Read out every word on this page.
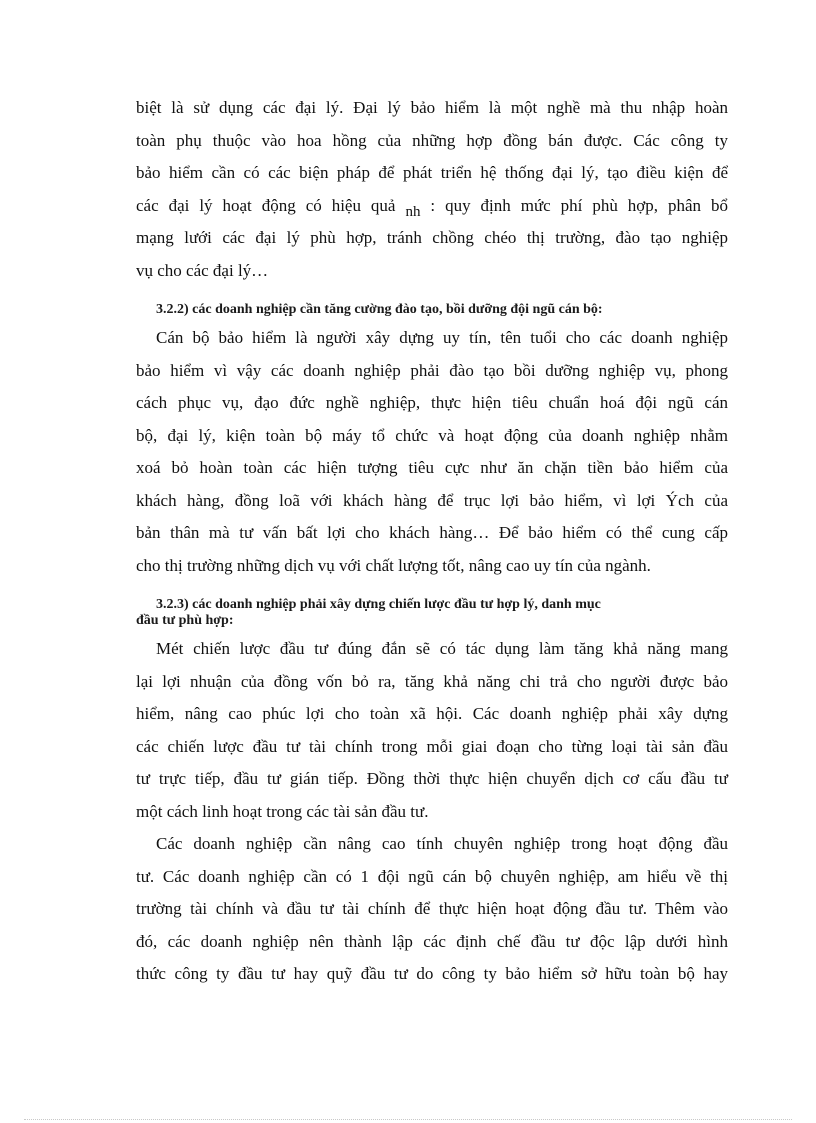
biệt là sử dụng các đại lý. Đại lý bảo hiểm là một nghề mà thu nhập hoàn
toàn phụ thuộc vào hoa hồng của những hợp đồng bán được. Các công ty
bảo hiểm cần có các biện pháp để phát triển hệ thống đại lý, tạo điều kiện để
các đại lý hoạt động có hiệu quả nh : quy định mức phí phù hợp, phân bổ
mạng lưới các đại lý phù hợp, tránh chồng chéo thị trường, đào tạo nghiệp
vụ cho các đại lý…
3.2.2) các doanh nghiệp cần tăng cường đào tạo, bồi dưỡng đội ngũ cán bộ:
Cán bộ bảo hiểm là người xây dựng uy tín, tên tuổi cho các doanh nghiệp
bảo hiểm vì vậy các doanh nghiệp phải đào tạo bồi dưỡng nghiệp vụ, phong
cách phục vụ, đạo đức nghề nghiệp, thực hiện tiêu chuẩn hoá đội ngũ cán
bộ, đại lý, kiện toàn bộ máy tổ chức và hoạt động của doanh nghiệp nhằm
xoá bỏ hoàn toàn các hiện tượng tiêu cực như ăn chặn tiền bảo hiểm của
khách hàng, đồng loã với khách hàng để trục lợi bảo hiểm, vì lợi Ých của
bản thân mà tư vấn bất lợi cho khách hàng… Để bảo hiểm có thể cung cấp
cho thị trường những dịch vụ với chất lượng tốt, nâng cao uy tín của ngành.
3.2.3) các doanh nghiệp phải xây dựng chiến lược đầu tư hợp lý, danh mục
đầu tư phù hợp:
Mét chiến lược đầu tư đúng đắn sẽ có tác dụng làm tăng khả năng mang
lại lợi nhuận của đồng vốn bỏ ra, tăng khả năng chi trả cho người được bảo
hiểm, nâng cao phúc lợi cho toàn xã hội. Các doanh nghiệp phải xây dựng
các chiến lược đầu tư tài chính trong mỗi giai đoạn cho từng loại tài sản đầu
tư trực tiếp, đầu tư gián tiếp. Đồng thời thực hiện chuyển dịch cơ cấu đầu tư
một cách linh hoạt trong các tài sản đầu tư.
Các doanh nghiệp cần nâng cao tính chuyên nghiệp trong hoạt động đầu
tư. Các doanh nghiệp cần có 1 đội ngũ cán bộ chuyên nghiệp, am hiểu về thị
trường tài chính và đầu tư tài chính để thực hiện hoạt động đầu tư. Thêm vào
đó, các doanh nghiệp nên thành lập các định chế đầu tư độc lập dưới hình
thức công ty đầu tư hay quỹ đầu tư do công ty bảo hiểm sở hữu toàn bộ hay
